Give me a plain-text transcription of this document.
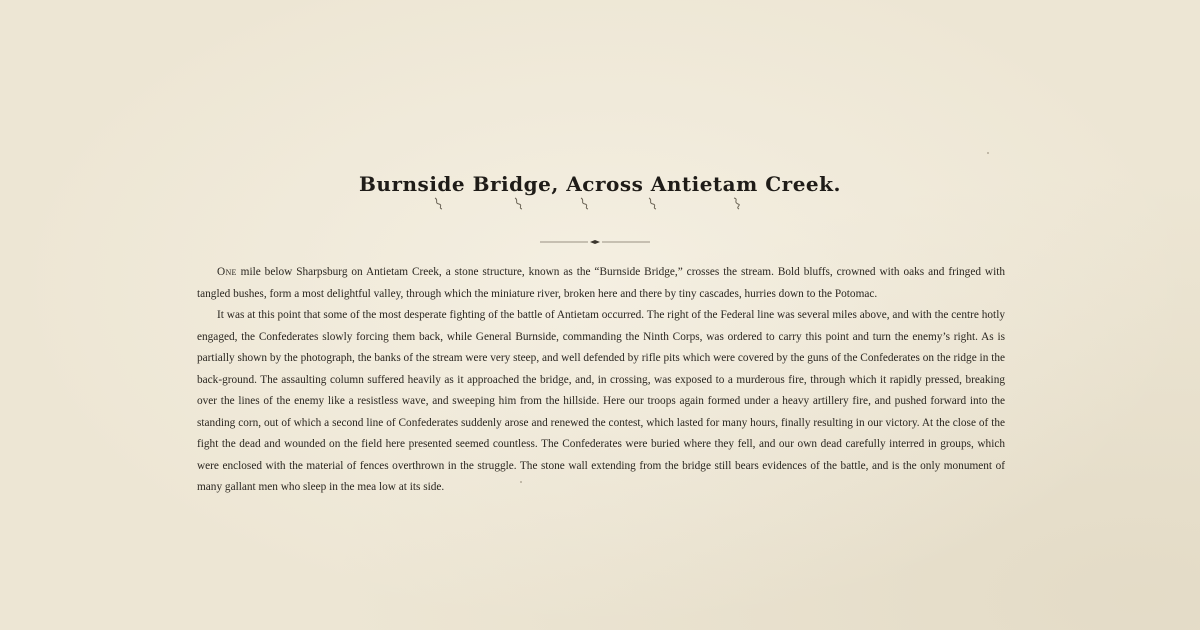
Burnside Bridge, Across Antietam Creek.

One mile below Sharpsburg on Antietam Creek, a stone structure, known as the “Burnside Bridge,” crosses the stream. Bold bluffs, crowned with oaks and fringed with tangled bushes, form a most delightful valley, through which the miniature river, broken here and there by tiny cascades, hurries down to the Potomac.

It was at this point that some of the most desperate fighting of the battle of Antietam occurred. The right of the Federal line was several miles above, and with the centre hotly engaged, the Confederates slowly forcing them back, while General Burnside, commanding the Ninth Corps, was ordered to carry this point and turn the enemy’s right. As is partially shown by the photograph, the banks of the stream were very steep, and well defended by rifle pits which were covered by the guns of the Confederates on the ridge in the back-ground. The assaulting column suffered heavily as it approached the bridge, and, in crossing, was exposed to a murderous fire, through which it rapidly pressed, breaking over the lines of the enemy like a resistless wave, and sweeping him from the hillside. Here our troops again formed under a heavy artillery fire, and pushed forward into the standing corn, out of which a second line of Confederates suddenly arose and renewed the contest, which lasted for many hours, finally resulting in our victory. At the close of the fight the dead and wounded on the field here presented seemed countless. The Confederates were buried where they fell, and our own dead carefully interred in groups, which were enclosed with the material of fences overthrown in the struggle. The stone wall extending from the bridge still bears evidences of the battle, and is the only monument of many gallant men who sleep in the mea low at its side.
